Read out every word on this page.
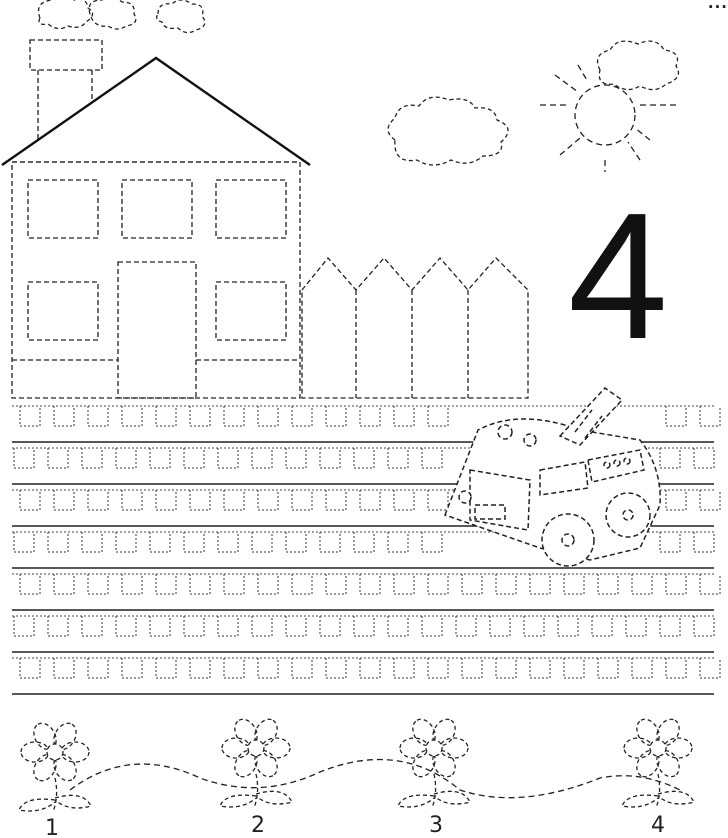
...
4
1	2	3	4
